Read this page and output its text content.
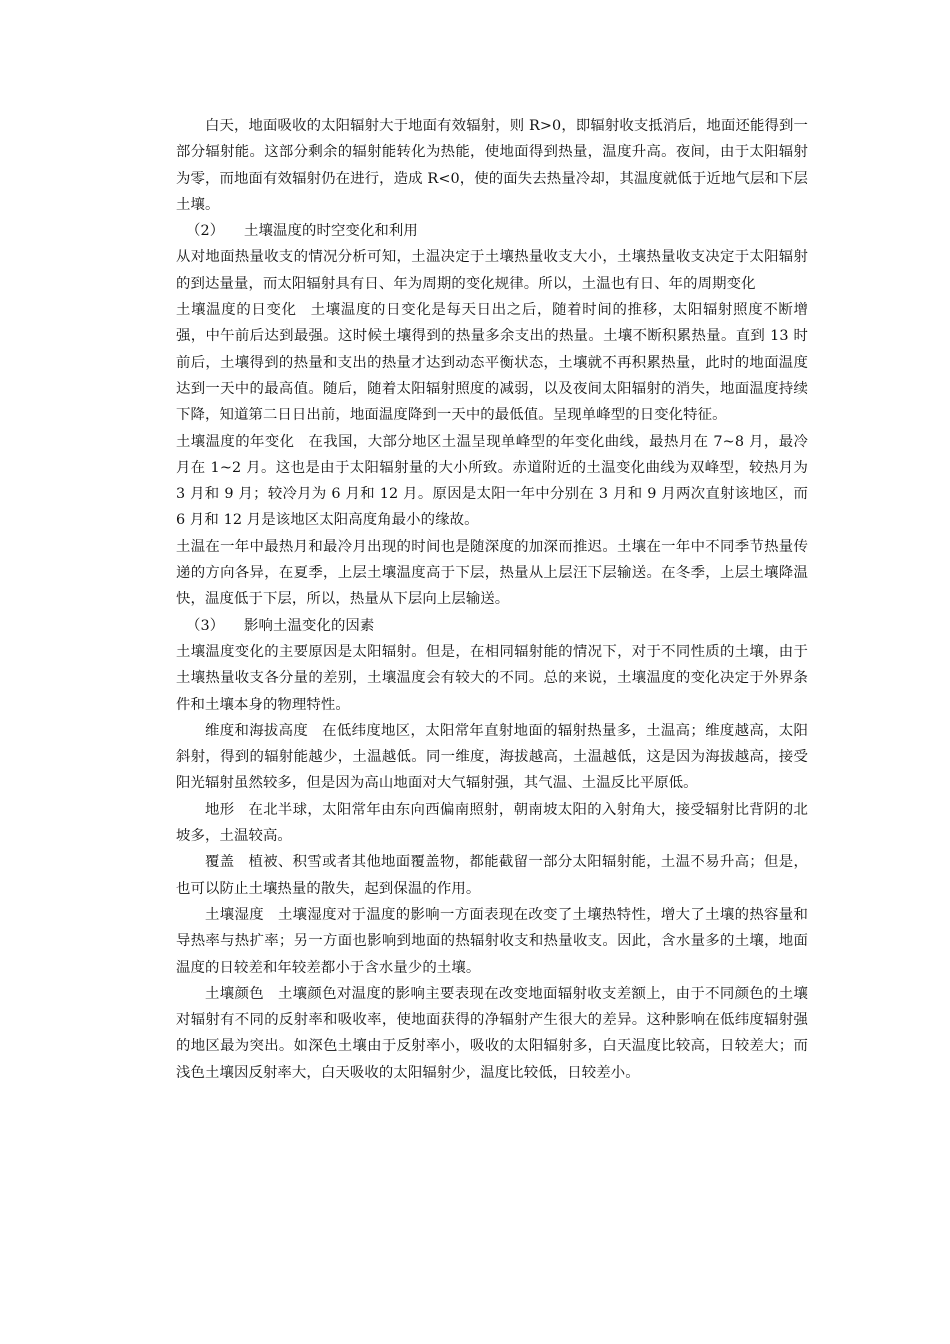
白天，地面吸收的太阳辐射大于地面有效辐射，则 R>0，即辐射收支抵消后，地面还能得到一部分辐射能。这部分剩余的辐射能转化为热能，使地面得到热量，温度升高。夜间，由于太阳辐射为零，而地面有效辐射仍在进行，造成 R<0，使的面失去热量冷却，其温度就低于近地气层和下层土壤。

（2） 土壤温度的时空变化和利用

从对地面热量收支的情况分析可知，土温决定于土壤热量收支大小，土壤热量收支决定于太阳辐射的到达量量，而太阳辐射具有日、年为周期的变化规律。所以，土温也有日、年的周期变化

土壤温度的日变化 土壤温度的日变化是每天日出之后，随着时间的推移，太阳辐射照度不断增强，中午前后达到最强。这时候土壤得到的热量多余支出的热量。土壤不断积累热量。直到 13 时前后，土壤得到的热量和支出的热量才达到动态平衡状态，土壤就不再积累热量，此时的地面温度达到一天中的最高值。随后，随着太阳辐射照度的减弱，以及夜间太阳辐射的消失，地面温度持续下降，知道第二日日出前，地面温度降到一天中的最低值。呈现单峰型的日变化特征。

土壤温度的年变化 在我国，大部分地区土温呈现单峰型的年变化曲线，最热月在 7~8 月，最冷月在 1~2 月。这也是由于太阳辐射量的大小所致。赤道附近的土温变化曲线为双峰型，较热月为 3 月和 9 月；较冷月为 6 月和 12 月。原因是太阳一年中分别在 3 月和 9 月两次直射该地区，而 6 月和 12 月是该地区太阳高度角最小的缘故。

土温在一年中最热月和最冷月出现的时间也是随深度的加深而推迟。土壤在一年中不同季节热量传递的方向各异，在夏季，上层土壤温度高于下层，热量从上层汪下层输送。在冬季，上层土壤降温快，温度低于下层，所以，热量从下层向上层输送。

（3） 影响土温变化的因素

土壤温度变化的主要原因是太阳辐射。但是，在相同辐射能的情况下，对于不同性质的土壤，由于土壤热量收支各分量的差别，土壤温度会有较大的不同。总的来说，土壤温度的变化决定于外界条件和土壤本身的物理特性。

维度和海拔高度 在低纬度地区，太阳常年直射地面的辐射热量多，土温高；维度越高，太阳斜射，得到的辐射能越少，土温越低。同一维度，海拔越高，土温越低，这是因为海拔越高，接受阳光辐射虽然较多，但是因为高山地面对大气辐射强，其气温、土温反比平原低。

地形 在北半球，太阳常年由东向西偏南照射，朝南坡太阳的入射角大，接受辐射比背阴的北坡多，土温较高。

覆盖 植被、积雪或者其他地面覆盖物，都能截留一部分太阳辐射能，土温不易升高；但是，也可以防止土壤热量的散失，起到保温的作用。

土壤湿度 土壤湿度对于温度的影响一方面表现在改变了土壤热特性，增大了土壤的热容量和导热率与热扩率；另一方面也影响到地面的热辐射收支和热量收支。因此，含水量多的土壤，地面温度的日较差和年较差都小于含水量少的土壤。

土壤颜色 土壤颜色对温度的影响主要表现在改变地面辐射收支差额上，由于不同颜色的土壤对辐射有不同的反射率和吸收率，使地面获得的净辐射产生很大的差异。这种影响在低纬度辐射强的地区最为突出。如深色土壤由于反射率小，吸收的太阳辐射多，白天温度比较高，日较差大；而浅色土壤因反射率大，白天吸收的太阳辐射少，温度比较低，日较差小。
